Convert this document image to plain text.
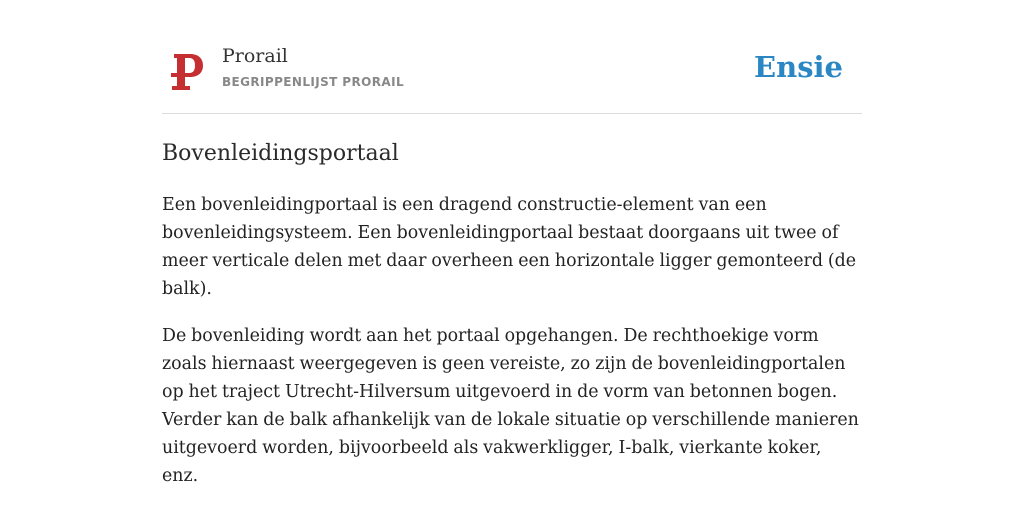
Prorail
BEGRIPPENLIJST PRORAIL	Ensie
Bovenleidingsportaal

Een bovenleidingportaal is een dragend constructie-element van een bovenleidingsysteem. Een bovenleidingportaal bestaat doorgaans uit twee of meer verticale delen met daar overheen een horizontale ligger gemonteerd (de balk).

De bovenleiding wordt aan het portaal opgehangen. De rechthoekige vorm zoals hiernaast weergegeven is geen vereiste, zo zijn de bovenleidingportalen op het traject Utrecht-Hilversum uitgevoerd in de vorm van betonnen bogen. Verder kan de balk afhankelijk van de lokale situatie op verschillende manieren uitgevoerd worden, bijvoorbeeld als vakwerkligger, I-balk, vierkante koker, enz.
